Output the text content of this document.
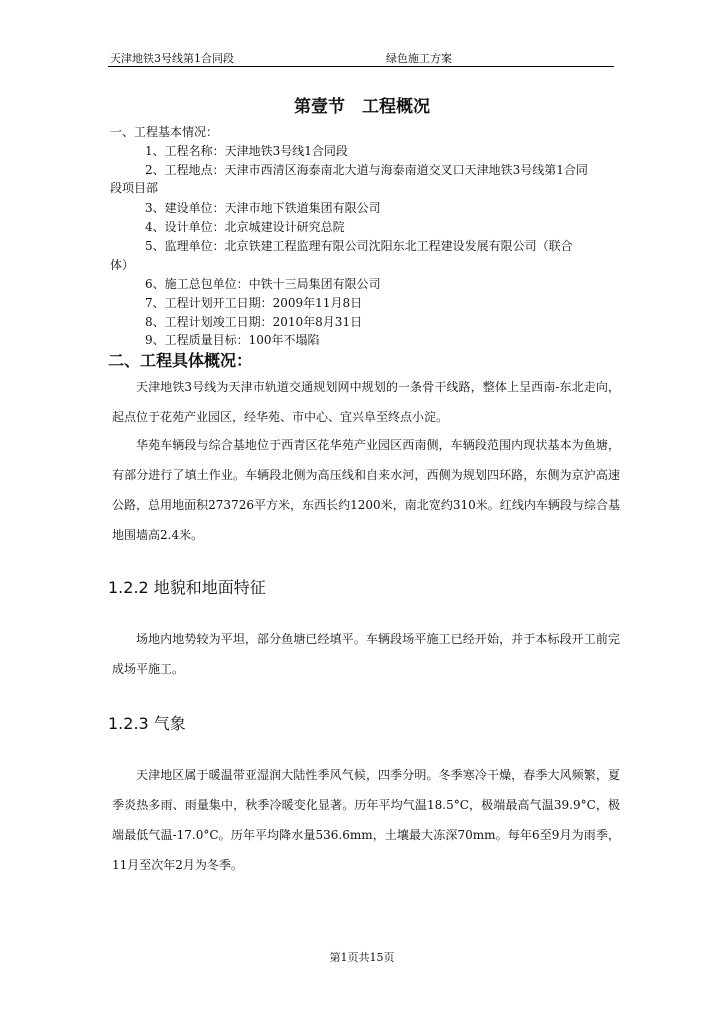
天津地铁3号线第1合同段	绿色施工方案
第壹节　工程概况
一、工程基本情况：
1、工程名称：天津地铁3号线1合同段
2、工程地点：天津市西清区海泰南北大道与海泰南道交叉口天津地铁3号线第1合同
段项目部
3、建设单位：天津市地下铁道集团有限公司
4、设计单位：北京城建设计研究总院
5、监理单位：北京铁建工程监理有限公司沈阳东北工程建设发展有限公司（联合
体）
6、施工总包单位：中铁十三局集团有限公司
7、工程计划开工日期：2009年11月8日
8、工程计划竣工日期：2010年8月31日
9、工程质量目标：100年不塌陷
二、工程具体概况：

天津地铁3号线为天津市轨道交通规划网中规划的一条骨干线路，整体上呈西南-东北走向，起点位于花苑产业园区，经华苑、市中心、宜兴阜至终点小淀。

华苑车辆段与综合基地位于西青区花华苑产业园区西南侧，车辆段范围内现状基本为鱼塘，有部分进行了填土作业。车辆段北侧为高压线和自来水河，西侧为规划四环路，东侧为京沪高速公路，总用地面积273726平方米，东西长约1200米，南北宽约310米。红线内车辆段与综合基地围墙高2.4米。

1.2.2 地貌和地面特征

场地内地势较为平坦，部分鱼塘已经填平。车辆段场平施工已经开始，并于本标段开工前完成场平施工。

1.2.3 气象

天津地区属于暖温带亚湿润大陆性季风气候，四季分明。冬季寒冷干燥，春季大风频繁，夏季炎热多雨、雨量集中，秋季冷暖变化显著。历年平均气温18.5°C，极端最高气温39.9°C，极端最低气温-17.0°C。历年平均降水量536.6mm，土壤最大冻深70mm。每年6至9月为雨季，11月至次年2月为冬季。

第1页共15页
